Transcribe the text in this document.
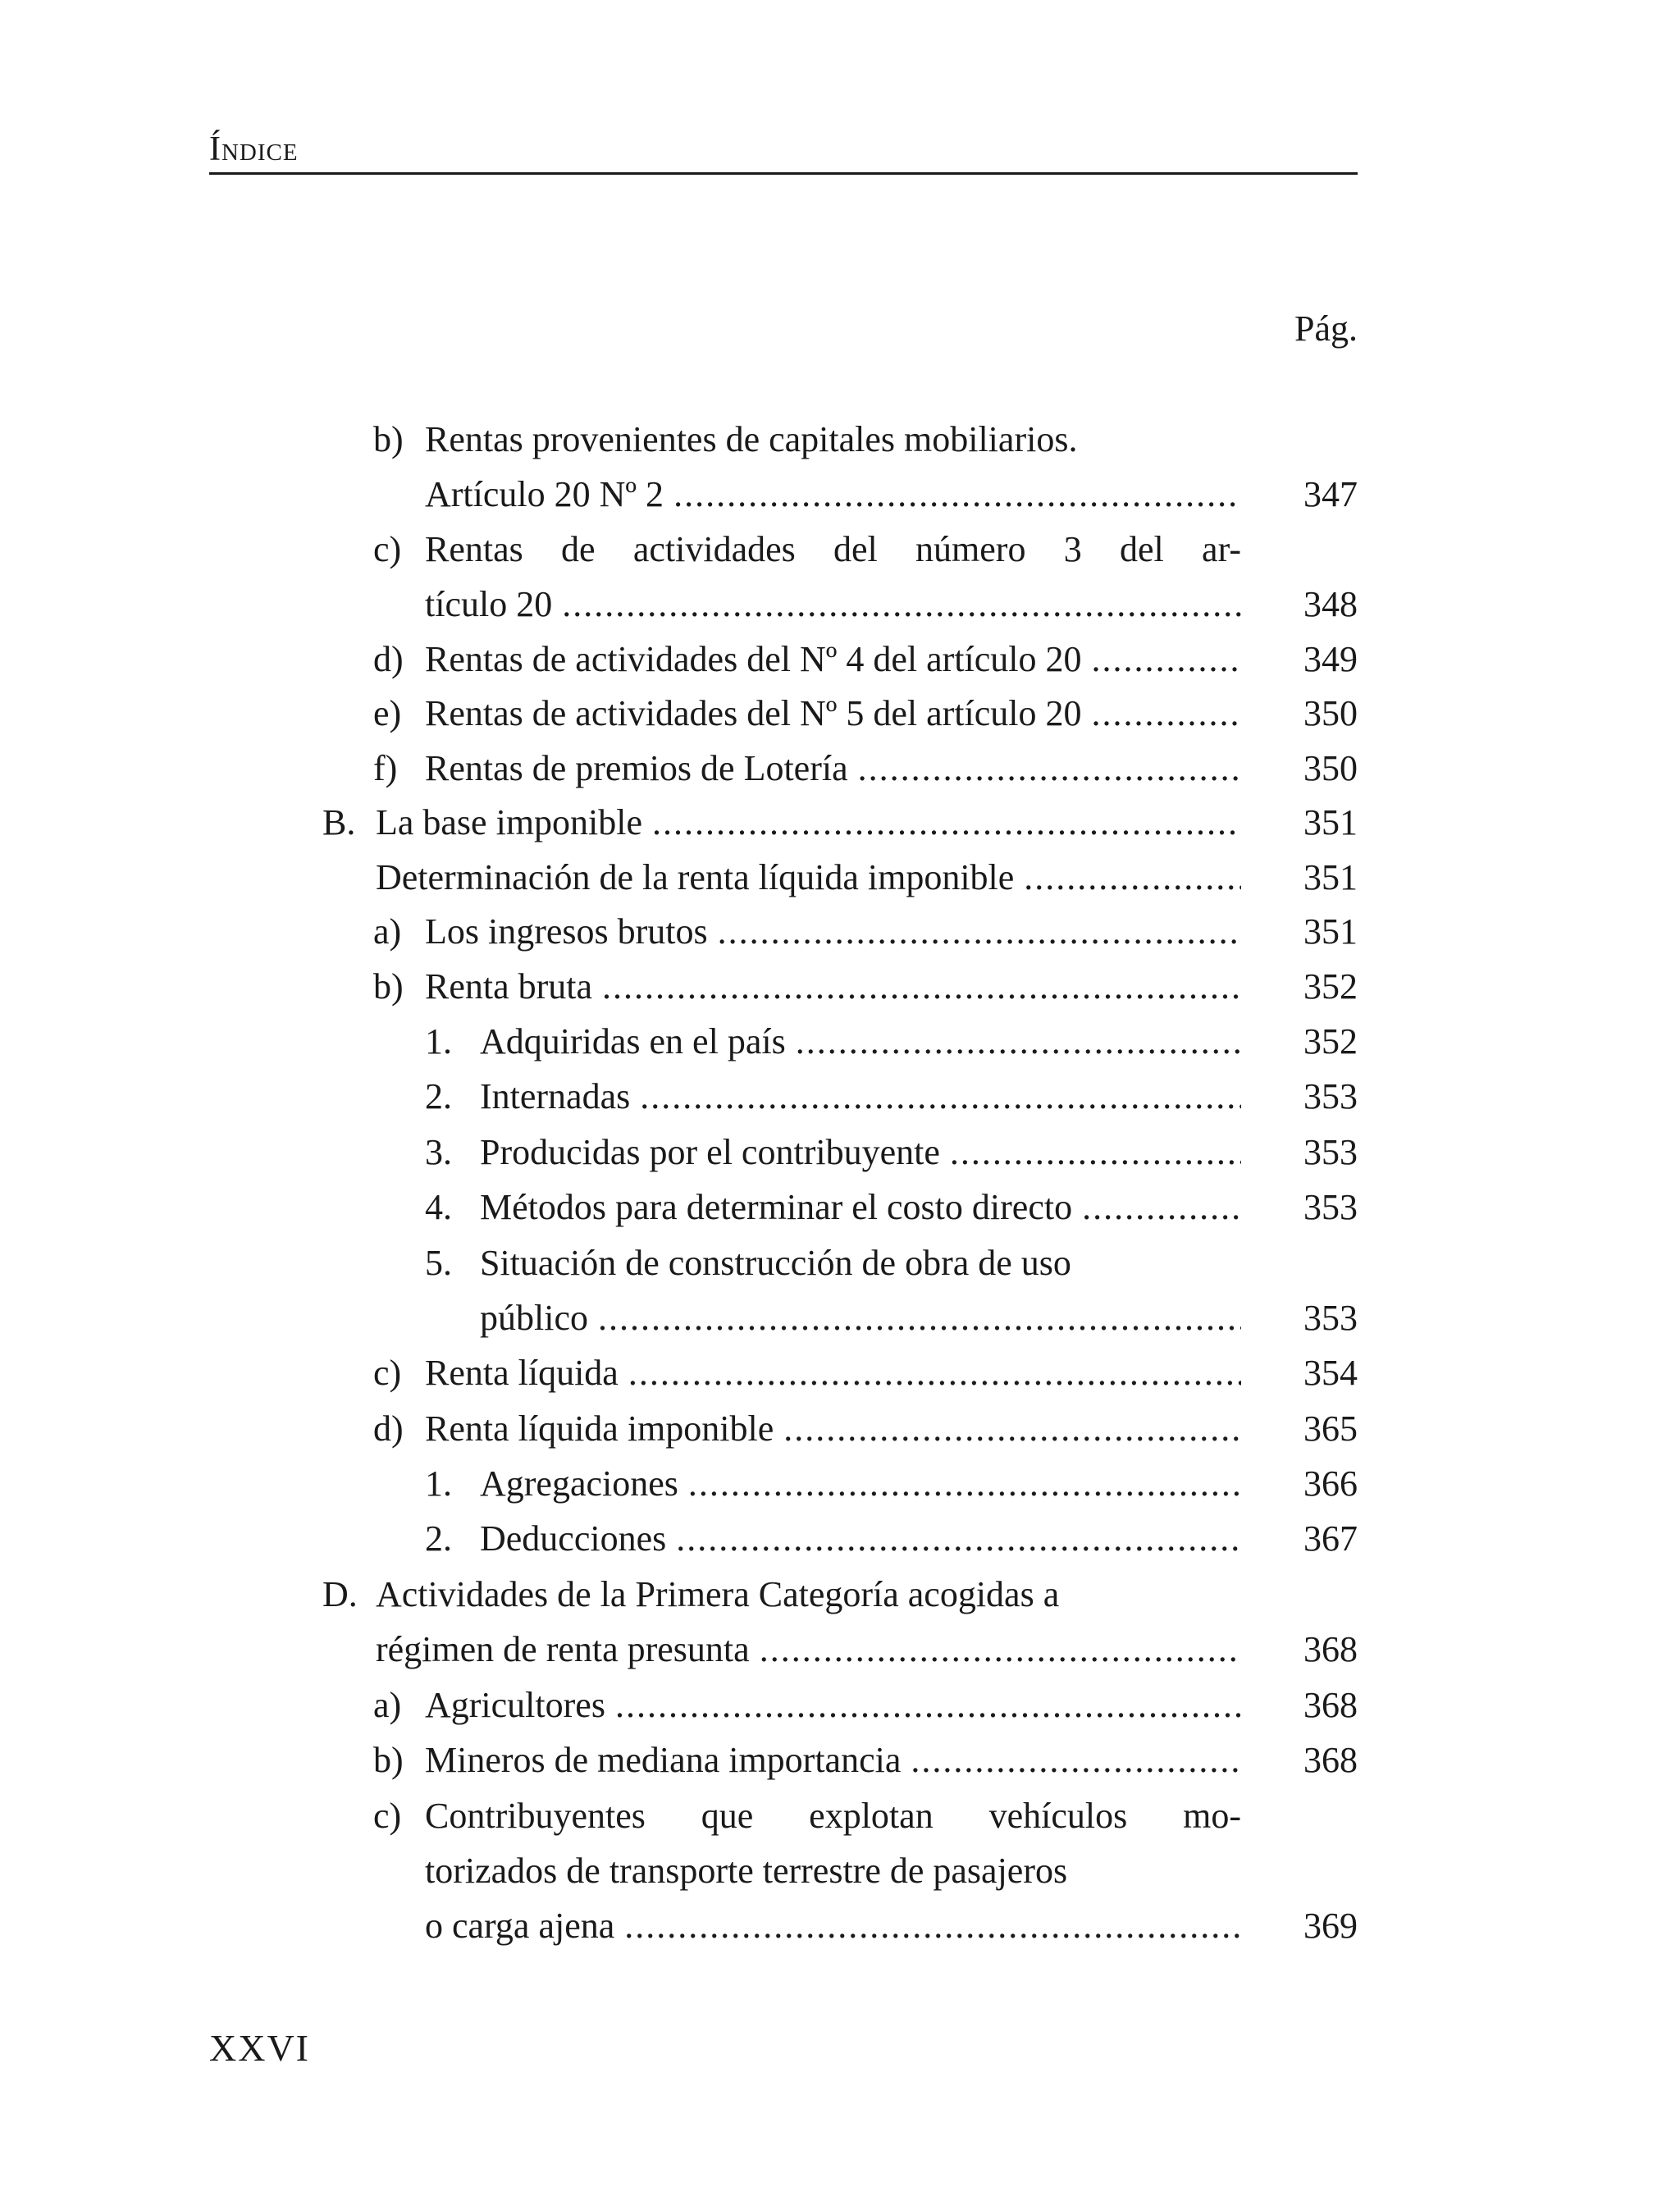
Índice
Pág.
b) Rentas provenientes de capitales mobiliarios.
Artículo 20 Nº 2 .....	347
c) Rentas de actividades del número 3 del ar-
tículo 20 .....	348
d) Rentas de actividades del Nº 4 del artículo 20 .....	349
e) Rentas de actividades del Nº 5 del artículo 20 .....	350
f) Rentas de premios de Lotería .....	350
B. La base imponible .....	351
Determinación de la renta líquida imponible .....	351
a) Los ingresos brutos .....	351
b) Renta bruta .....	352
1. Adquiridas en el país .....	352
2. Internadas .....	353
3. Producidas por el contribuyente .....	353
4. Métodos para determinar el costo directo .....	353
5. Situación de construcción de obra de uso
público .....	353
c) Renta líquida .....	354
d) Renta líquida imponible .....	365
1. Agregaciones .....	366
2. Deducciones .....	367
D. Actividades de la Primera Categoría acogidas a
régimen de renta presunta .....	368
a) Agricultores .....	368
b) Mineros de mediana importancia .....	368
c) Contribuyentes que explotan vehículos mo-
torizados de transporte terrestre de pasajeros
o carga ajena .....	369
XXVI
